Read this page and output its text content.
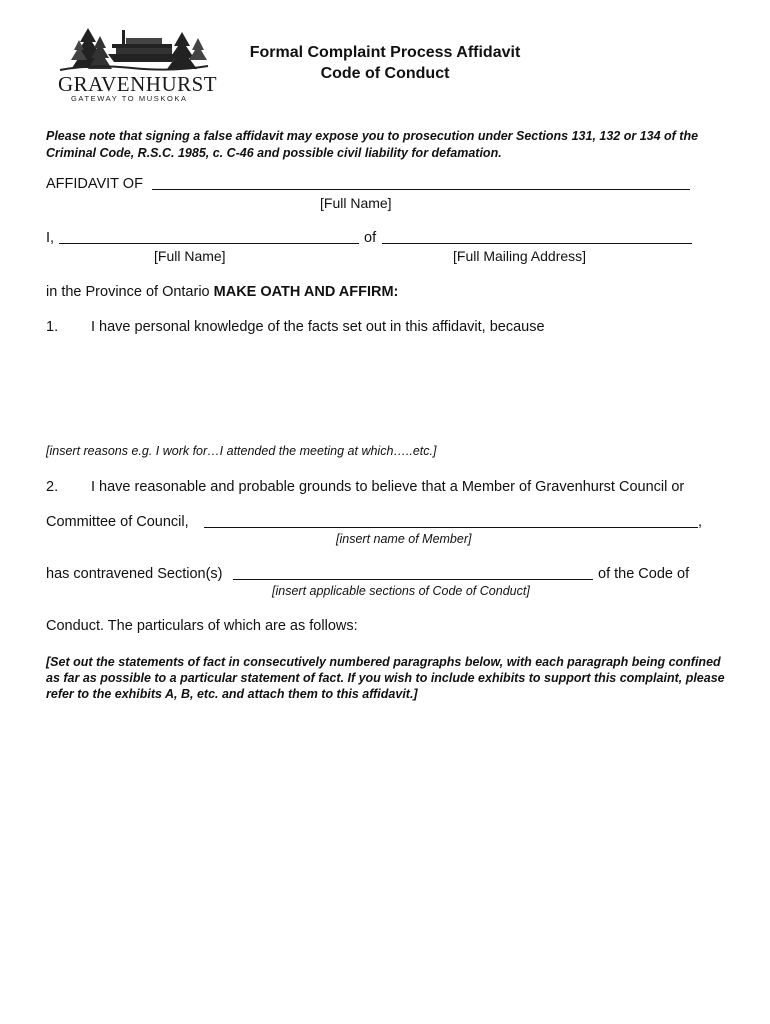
GRAVENHURST
GATEWAY TO MUSKOKA
Formal Complaint Process Affidavit
Code of Conduct
Please note that signing a false affidavit may expose you to prosecution under Sections 131, 132 or 134 of the Criminal Code, R.S.C. 1985, c. C-46 and possible civil liability for defamation.
AFFIDAVIT OF
[Full Name]
I,	of
[Full Name]	[Full Mailing Address]
in the Province of Ontario MAKE OATH AND AFFIRM:
1. I have personal knowledge of the facts set out in this affidavit, because
[insert reasons e.g. I work for…I attended the meeting at which…..etc.]
2. I have reasonable and probable grounds to believe that a Member of Gravenhurst Council or
Committee of Council,	,
[insert name of Member]
has contravened Section(s)	of the Code of
[insert applicable sections of Code of Conduct]
Conduct. The particulars of which are as follows:
[Set out the statements of fact in consecutively numbered paragraphs below, with each paragraph being confined as far as possible to a particular statement of fact. If you wish to include exhibits to support this complaint, please refer to the exhibits A, B, etc. and attach them to this affidavit.]
